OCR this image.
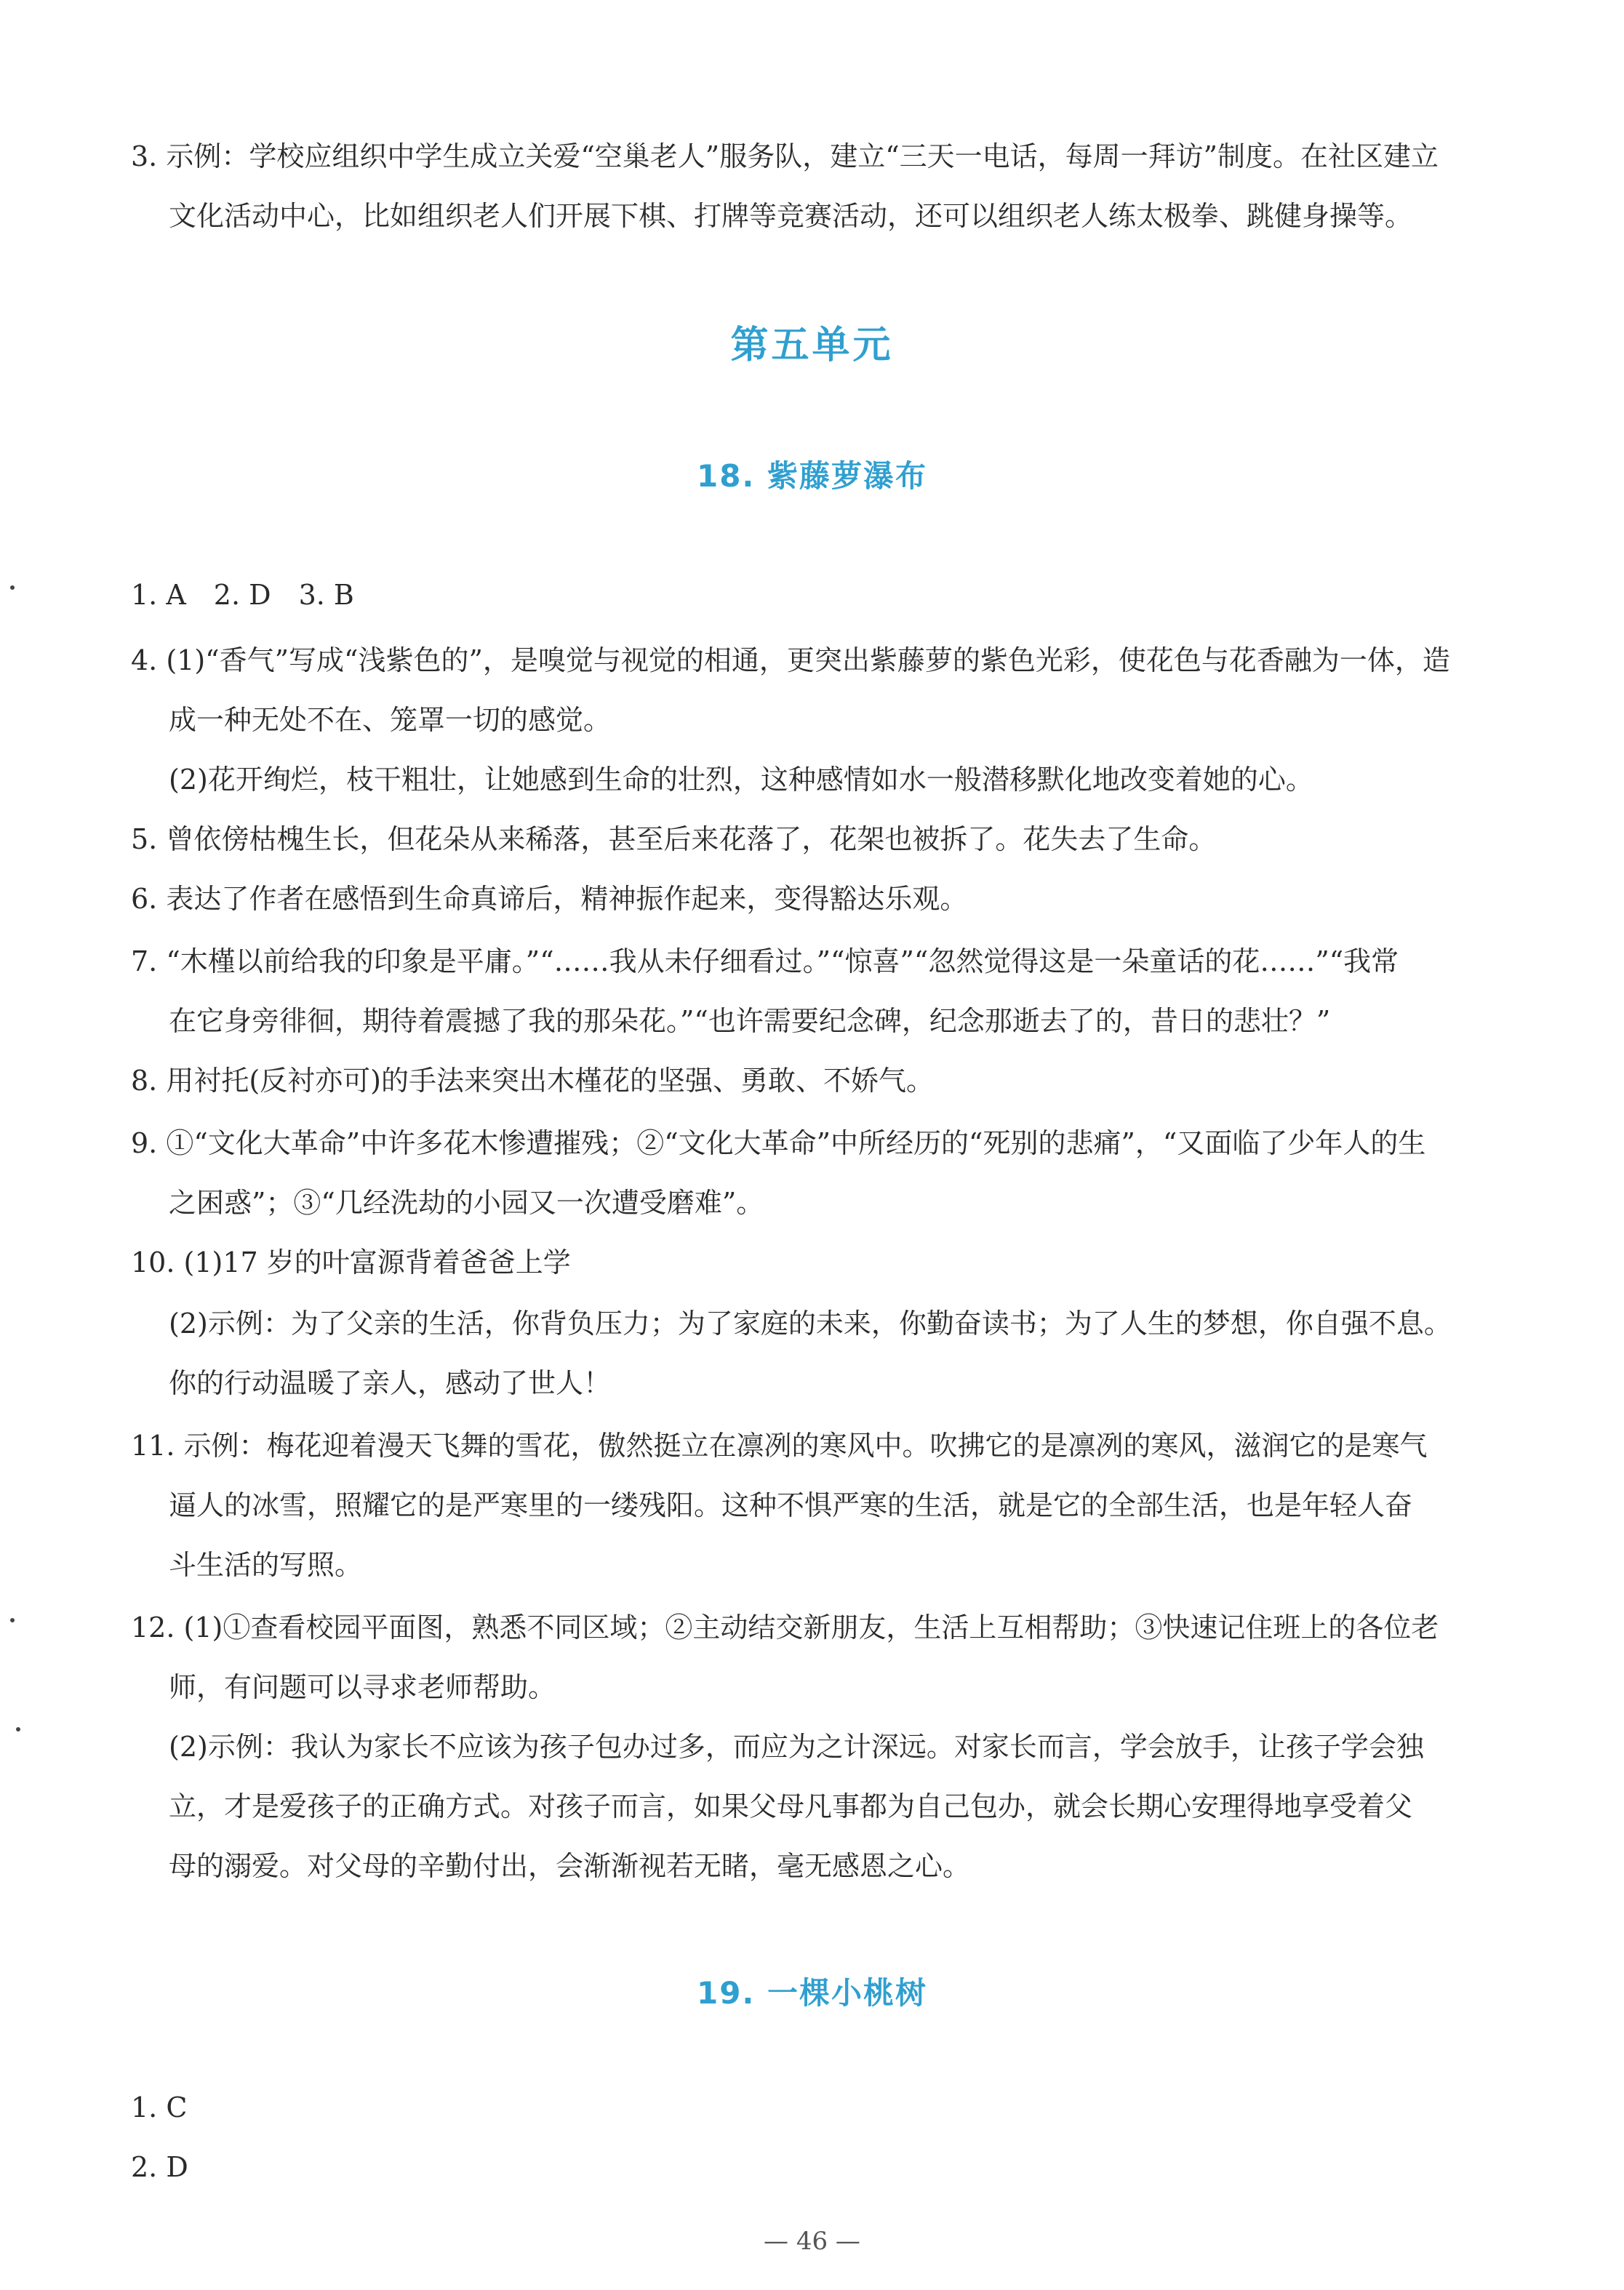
3. 示例：学校应组织中学生成立关爱“空巢老人”服务队，建立“三天一电话，每周一拜访”制度。在社区建立
文化活动中心，比如组织老人们开展下棋、打牌等竞赛活动，还可以组织老人练太极拳、跳健身操等。
第五单元
18. 紫藤萝瀑布
1. A　2. D　3. B
4. (1)“香气”写成“浅紫色的”，是嗅觉与视觉的相通，更突出紫藤萝的紫色光彩，使花色与花香融为一体，造
成一种无处不在、笼罩一切的感觉。
(2)花开绚烂，枝干粗壮，让她感到生命的壮烈，这种感情如水一般潜移默化地改变着她的心。
5. 曾依傍枯槐生长，但花朵从来稀落，甚至后来花落了，花架也被拆了。花失去了生命。
6. 表达了作者在感悟到生命真谛后，精神振作起来，变得豁达乐观。
7. “木槿以前给我的印象是平庸。”“……我从未仔细看过。”“惊喜”“忽然觉得这是一朵童话的花……”“我常
在它身旁徘徊，期待着震撼了我的那朵花。”“也许需要纪念碑，纪念那逝去了的，昔日的悲壮？”
8. 用衬托(反衬亦可)的手法来突出木槿花的坚强、勇敢、不娇气。
9. ①“文化大革命”中许多花木惨遭摧残；②“文化大革命”中所经历的“死别的悲痛”，“又面临了少年人的生
之困惑”；③“几经洗劫的小园又一次遭受磨难”。
10. (1)17 岁的叶富源背着爸爸上学
(2)示例：为了父亲的生活，你背负压力；为了家庭的未来，你勤奋读书；为了人生的梦想，你自强不息。
你的行动温暖了亲人，感动了世人！
11. 示例：梅花迎着漫天飞舞的雪花，傲然挺立在凛冽的寒风中。吹拂它的是凛冽的寒风，滋润它的是寒气
逼人的冰雪，照耀它的是严寒里的一缕残阳。这种不惧严寒的生活，就是它的全部生活，也是年轻人奋
斗生活的写照。
12. (1)①查看校园平面图，熟悉不同区域；②主动结交新朋友，生活上互相帮助；③快速记住班上的各位老
师，有问题可以寻求老师帮助。
(2)示例：我认为家长不应该为孩子包办过多，而应为之计深远。对家长而言，学会放手，让孩子学会独
立，才是爱孩子的正确方式。对孩子而言，如果父母凡事都为自己包办，就会长期心安理得地享受着父
母的溺爱。对父母的辛勤付出，会渐渐视若无睹，毫无感恩之心。
19. 一棵小桃树
1. C
2. D
— 46 —
